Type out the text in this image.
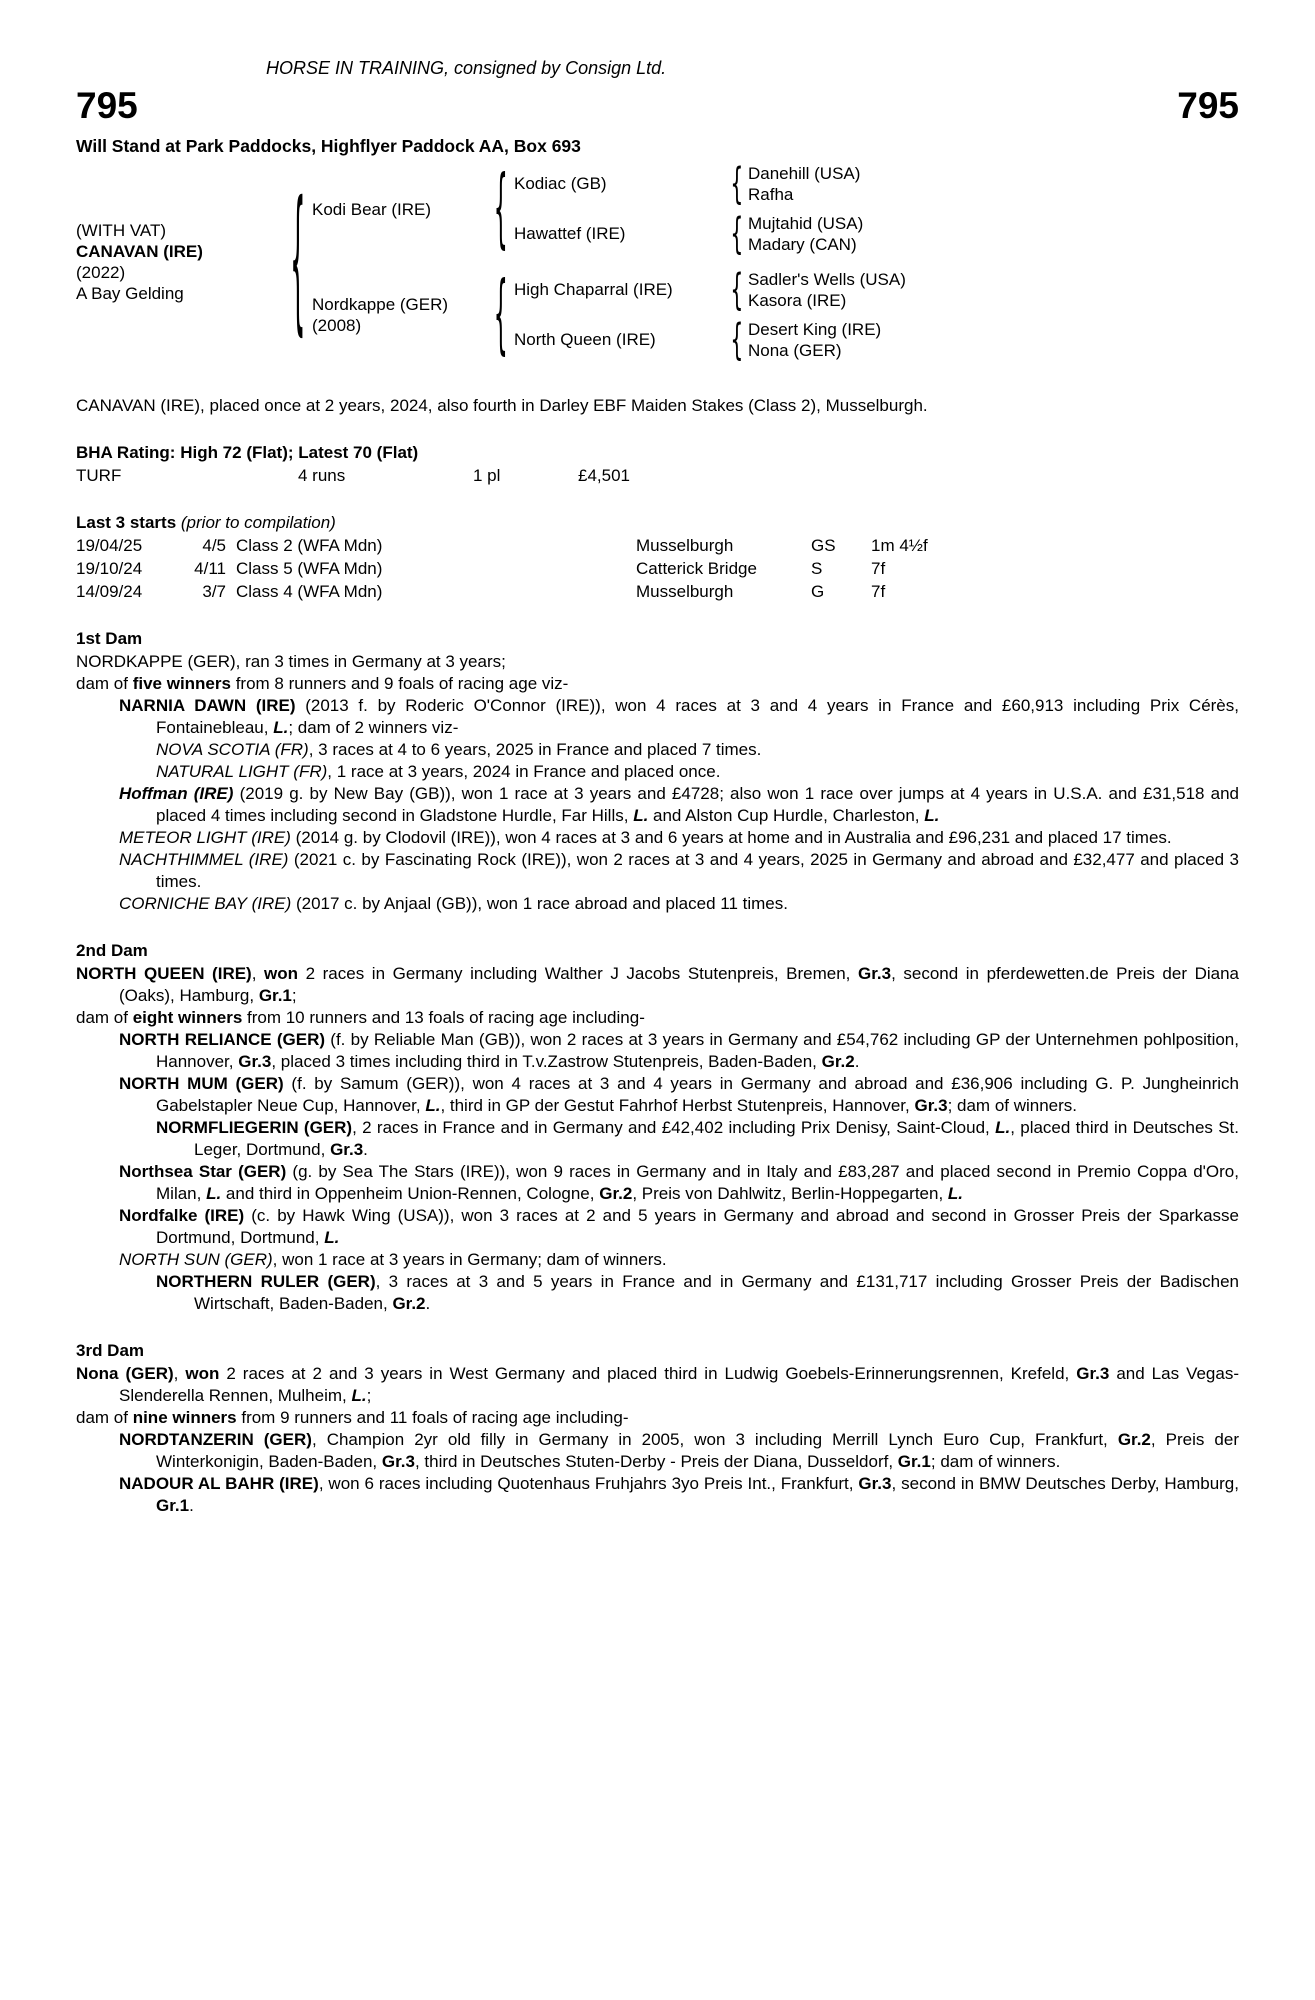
HORSE IN TRAINING, consigned by Consign Ltd.
795	795
Will Stand at Park Paddocks, Highflyer Paddock AA, Box 693
(WITH VAT)
CANAVAN (IRE)
(2022)
A Bay Gelding	{ Kodi Bear (IRE)	{ Kodiac (GB)	{ Danehill (USA)
Rafha
Hawattef (IRE)	{ Mujtahid (USA)
Madary (CAN)
Nordkappe (GER)
(2008)	{ High Chaparral (IRE)	{ Sadler's Wells (USA)
Kasora (IRE)
North Queen (IRE)	{ Desert King (IRE)
Nona (GER)
CANAVAN (IRE), placed once at 2 years, 2024, also fourth in Darley EBF Maiden Stakes (Class 2), Musselburgh.
BHA Rating: High 72 (Flat); Latest 70 (Flat)
TURF	4 runs	1 pl	£4,501
Last 3 starts (prior to compilation)
19/04/25	4/5 Class 2 (WFA Mdn)	Musselburgh	GS	1m 4½f
19/10/24	4/11 Class 5 (WFA Mdn)	Catterick Bridge	S	7f
14/09/24	3/7 Class 4 (WFA Mdn)	Musselburgh	G	7f
1st Dam
NORDKAPPE (GER), ran 3 times in Germany at 3 years;
dam of five winners from 8 runners and 9 foals of racing age viz-
NARNIA DAWN (IRE) (2013 f. by Roderic O'Connor (IRE)), won 4 races at 3 and 4 years in France and £60,913 including Prix Cérès, Fontainebleau, L.; dam of 2 winners viz-
NOVA SCOTIA (FR), 3 races at 4 to 6 years, 2025 in France and placed 7 times.
NATURAL LIGHT (FR), 1 race at 3 years, 2024 in France and placed once.
Hoffman (IRE) (2019 g. by New Bay (GB)), won 1 race at 3 years and £4728; also won 1 race over jumps at 4 years in U.S.A. and £31,518 and placed 4 times including second in Gladstone Hurdle, Far Hills, L. and Alston Cup Hurdle, Charleston, L.
METEOR LIGHT (IRE) (2014 g. by Clodovil (IRE)), won 4 races at 3 and 6 years at home and in Australia and £96,231 and placed 17 times.
NACHTHIMMEL (IRE) (2021 c. by Fascinating Rock (IRE)), won 2 races at 3 and 4 years, 2025 in Germany and abroad and £32,477 and placed 3 times.
CORNICHE BAY (IRE) (2017 c. by Anjaal (GB)), won 1 race abroad and placed 11 times.
2nd Dam
NORTH QUEEN (IRE), won 2 races in Germany including Walther J Jacobs Stutenpreis, Bremen, Gr.3, second in pferdewetten.de Preis der Diana (Oaks), Hamburg, Gr.1;
dam of eight winners from 10 runners and 13 foals of racing age including-
NORTH RELIANCE (GER) (f. by Reliable Man (GB)), won 2 races at 3 years in Germany and £54,762 including GP der Unternehmen pohlposition, Hannover, Gr.3, placed 3 times including third in T.v.Zastrow Stutenpreis, Baden-Baden, Gr.2.
NORTH MUM (GER) (f. by Samum (GER)), won 4 races at 3 and 4 years in Germany and abroad and £36,906 including G. P. Jungheinrich Gabelstapler Neue Cup, Hannover, L., third in GP der Gestut Fahrhof Herbst Stutenpreis, Hannover, Gr.3; dam of winners.
NORMFLIEGERIN (GER), 2 races in France and in Germany and £42,402 including Prix Denisy, Saint-Cloud, L., placed third in Deutsches St. Leger, Dortmund, Gr.3.
Northsea Star (GER) (g. by Sea The Stars (IRE)), won 9 races in Germany and in Italy and £83,287 and placed second in Premio Coppa d'Oro, Milan, L. and third in Oppenheim Union-Rennen, Cologne, Gr.2, Preis von Dahlwitz, Berlin-Hoppegarten, L.
Nordfalke (IRE) (c. by Hawk Wing (USA)), won 3 races at 2 and 5 years in Germany and abroad and second in Grosser Preis der Sparkasse Dortmund, Dortmund, L.
NORTH SUN (GER), won 1 race at 3 years in Germany; dam of winners.
NORTHERN RULER (GER), 3 races at 3 and 5 years in France and in Germany and £131,717 including Grosser Preis der Badischen Wirtschaft, Baden-Baden, Gr.2.
3rd Dam
Nona (GER), won 2 races at 2 and 3 years in West Germany and placed third in Ludwig Goebels-Erinnerungsrennen, Krefeld, Gr.3 and Las Vegas-Slenderella Rennen, Mulheim, L.;
dam of nine winners from 9 runners and 11 foals of racing age including-
NORDTANZERIN (GER), Champion 2yr old filly in Germany in 2005, won 3 including Merrill Lynch Euro Cup, Frankfurt, Gr.2, Preis der Winterkonigin, Baden-Baden, Gr.3, third in Deutsches Stuten-Derby - Preis der Diana, Dusseldorf, Gr.1; dam of winners.
NADOUR AL BAHR (IRE), won 6 races including Quotenhaus Fruhjahrs 3yo Preis Int., Frankfurt, Gr.3, second in BMW Deutsches Derby, Hamburg, Gr.1.
